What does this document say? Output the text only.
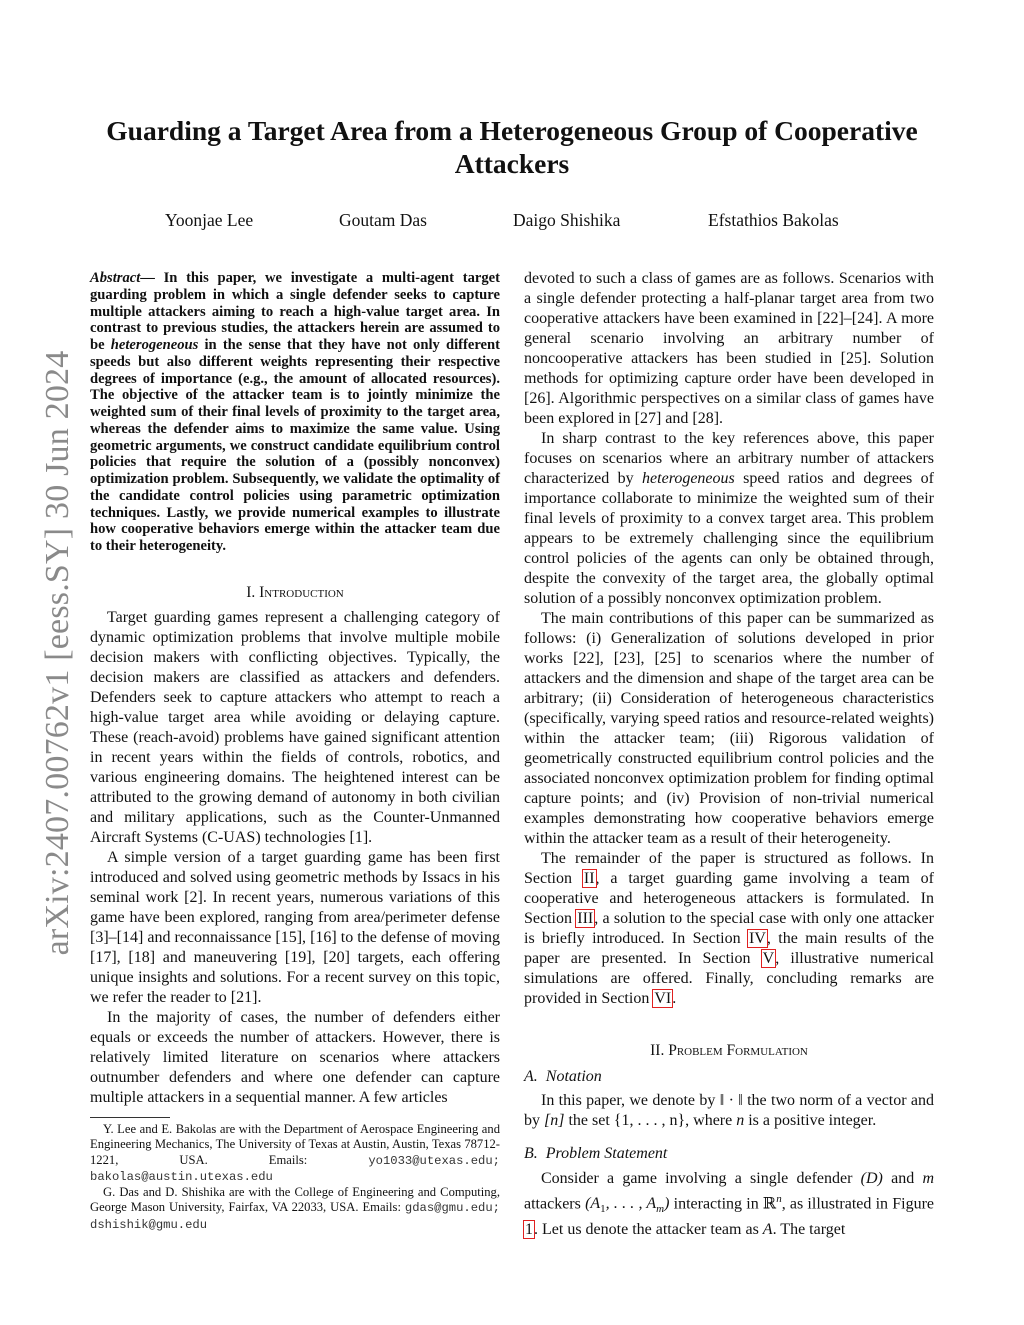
Guarding a Target Area from a Heterogeneous Group of Cooperative Attackers
Yoonjae Lee	Goutam Das	Daigo Shishika	Efstathios Bakolas
arXiv:2407.00762v1 [eess.SY] 30 Jun 2024
Abstract— In this paper, we investigate a multi-agent target guarding problem in which a single defender seeks to capture multiple attackers aiming to reach a high-value target area. In contrast to previous studies, the attackers herein are assumed to be heterogeneous in the sense that they have not only different speeds but also different weights representing their respective degrees of importance (e.g., the amount of allocated resources). The objective of the attacker team is to jointly minimize the weighted sum of their final levels of proximity to the target area, whereas the defender aims to maximize the same value. Using geometric arguments, we construct candidate equilibrium control policies that require the solution of a (possibly nonconvex) optimization problem. Subsequently, we validate the optimality of the candidate control policies using parametric optimization techniques. Lastly, we provide numerical examples to illustrate how cooperative behaviors emerge within the attacker team due to their heterogeneity.
I. Introduction

Target guarding games represent a challenging category of dynamic optimization problems that involve multiple mobile decision makers with conflicting objectives. Typically, the decision makers are classified as attackers and defenders. Defenders seek to capture attackers who attempt to reach a high-value target area while avoiding or delaying capture. These (reach-avoid) problems have gained significant attention in recent years within the fields of controls, robotics, and various engineering domains. The heightened interest can be attributed to the growing demand of autonomy in both civilian and military applications, such as the Counter-Unmanned Aircraft Systems (C-UAS) technologies [1].

A simple version of a target guarding game has been first introduced and solved using geometric methods by Issacs in his seminal work [2]. In recent years, numerous variations of this game have been explored, ranging from area/perimeter defense [3]–[14] and reconnaissance [15], [16] to the defense of moving [17], [18] and maneuvering [19], [20] targets, each offering unique insights and solutions. For a recent survey on this topic, we refer the reader to [21].

In the majority of cases, the number of defenders either equals or exceeds the number of attackers. However, there is relatively limited literature on scenarios where attackers outnumber defenders and where one defender can capture multiple attackers in a sequential manner. A few articles

Y. Lee and E. Bakolas are with the Department of Aerospace Engineering and Engineering Mechanics, The University of Texas at Austin, Austin, Texas 78712-1221, USA. Emails: yo1033@utexas.edu; bakolas@austin.utexas.edu

G. Das and D. Shishika are with the College of Engineering and Computing, George Mason University, Fairfax, VA 22033, USA. Emails: gdas@gmu.edu; dshishik@gmu.edu

devoted to such a class of games are as follows. Scenarios with a single defender protecting a half-planar target area from two cooperative attackers have been examined in [22]–[24]. A more general scenario involving an arbitrary number of noncooperative attackers has been studied in [25]. Solution methods for optimizing capture order have been developed in [26]. Algorithmic perspectives on a similar class of games have been explored in [27] and [28].

In sharp contrast to the key references above, this paper focuses on scenarios where an arbitrary number of attackers characterized by heterogeneous speed ratios and degrees of importance collaborate to minimize the weighted sum of their final levels of proximity to a convex target area. This problem appears to be extremely challenging since the equilibrium control policies of the agents can only be obtained through, despite the convexity of the target area, the globally optimal solution of a possibly nonconvex optimization problem.

The main contributions of this paper can be summarized as follows: (i) Generalization of solutions developed in prior works [22], [23], [25] to scenarios where the number of attackers and the dimension and shape of the target area can be arbitrary; (ii) Consideration of heterogeneous characteristics (specifically, varying speed ratios and resource-related weights) within the attacker team; (iii) Rigorous validation of geometrically constructed equilibrium control policies and the associated nonconvex optimization problem for finding optimal capture points; and (iv) Provision of non-trivial numerical examples demonstrating how cooperative behaviors emerge within the attacker team as a result of their heterogeneity.

The remainder of the paper is structured as follows. In Section II, a target guarding game involving a team of cooperative and heterogeneous attackers is formulated. In Section III, a solution to the special case with only one attacker is briefly introduced. In Section IV, the main results of the paper are presented. In Section V, illustrative numerical simulations are offered. Finally, concluding remarks are provided in Section VI.

II. Problem Formulation
A.  Notation

In this paper, we denote by ‖ · ‖ the two norm of a vector and by [n] the set {1, . . . , n}, where n is a positive integer.

B.  Problem Statement

Consider a game involving a single defender (D) and m attackers ($A_1$, . . . , $A_m$) interacting in ℝ$^n$, as illustrated in Figure 1. Let us denote the attacker team as A. The target
